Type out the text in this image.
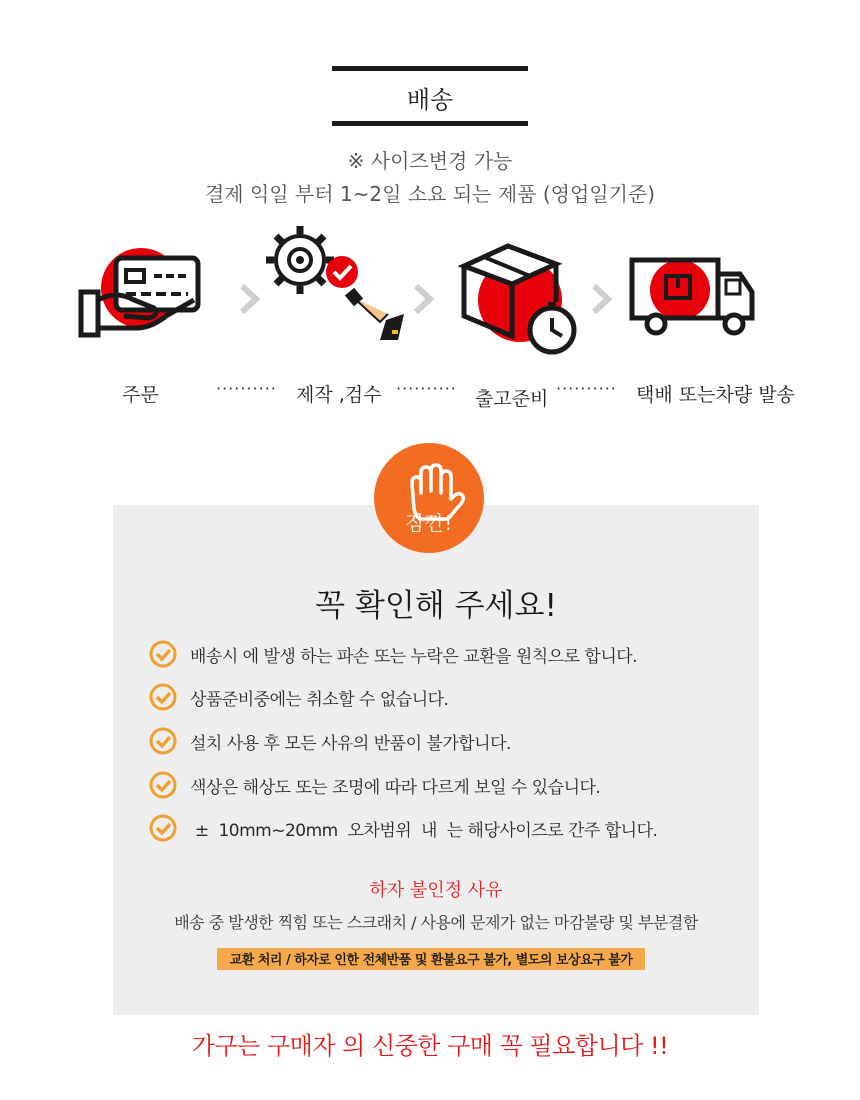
배송
※ 사이즈변경 가능
결제 익일 부터 1~2일 소요 되는 제품 (영업일기준)
주문	·········· 제작 ,검수 ·········· 출고준비 ·········· 택배 또는차량 발송
잠깐!
꼭 확인해 주세요!
배송시 에 발생 하는 파손 또는 누락은 교환을 원칙으로 합니다.
상품준비중에는 취소할 수 없습니다.
설치 사용 후 모든 사유의 반품이 불가합니다.
색상은 해상도 또는 조명에 따라 다르게 보일 수 있습니다.
±  10mm~20mm  오차범위  내  는 해당사이즈로 간주 합니다.
하자 불인정 사유
배송 중 발생한 찍힘 또는 스크래치 / 사용에 문제가 없는 마감불량 및 부분결함
교환 처리 / 하자로 인한 전체반품 및 환불요구 불가, 별도의 보상요구 불가
가구는 구매자 의 신중한 구매 꼭 필요합니다 !!
